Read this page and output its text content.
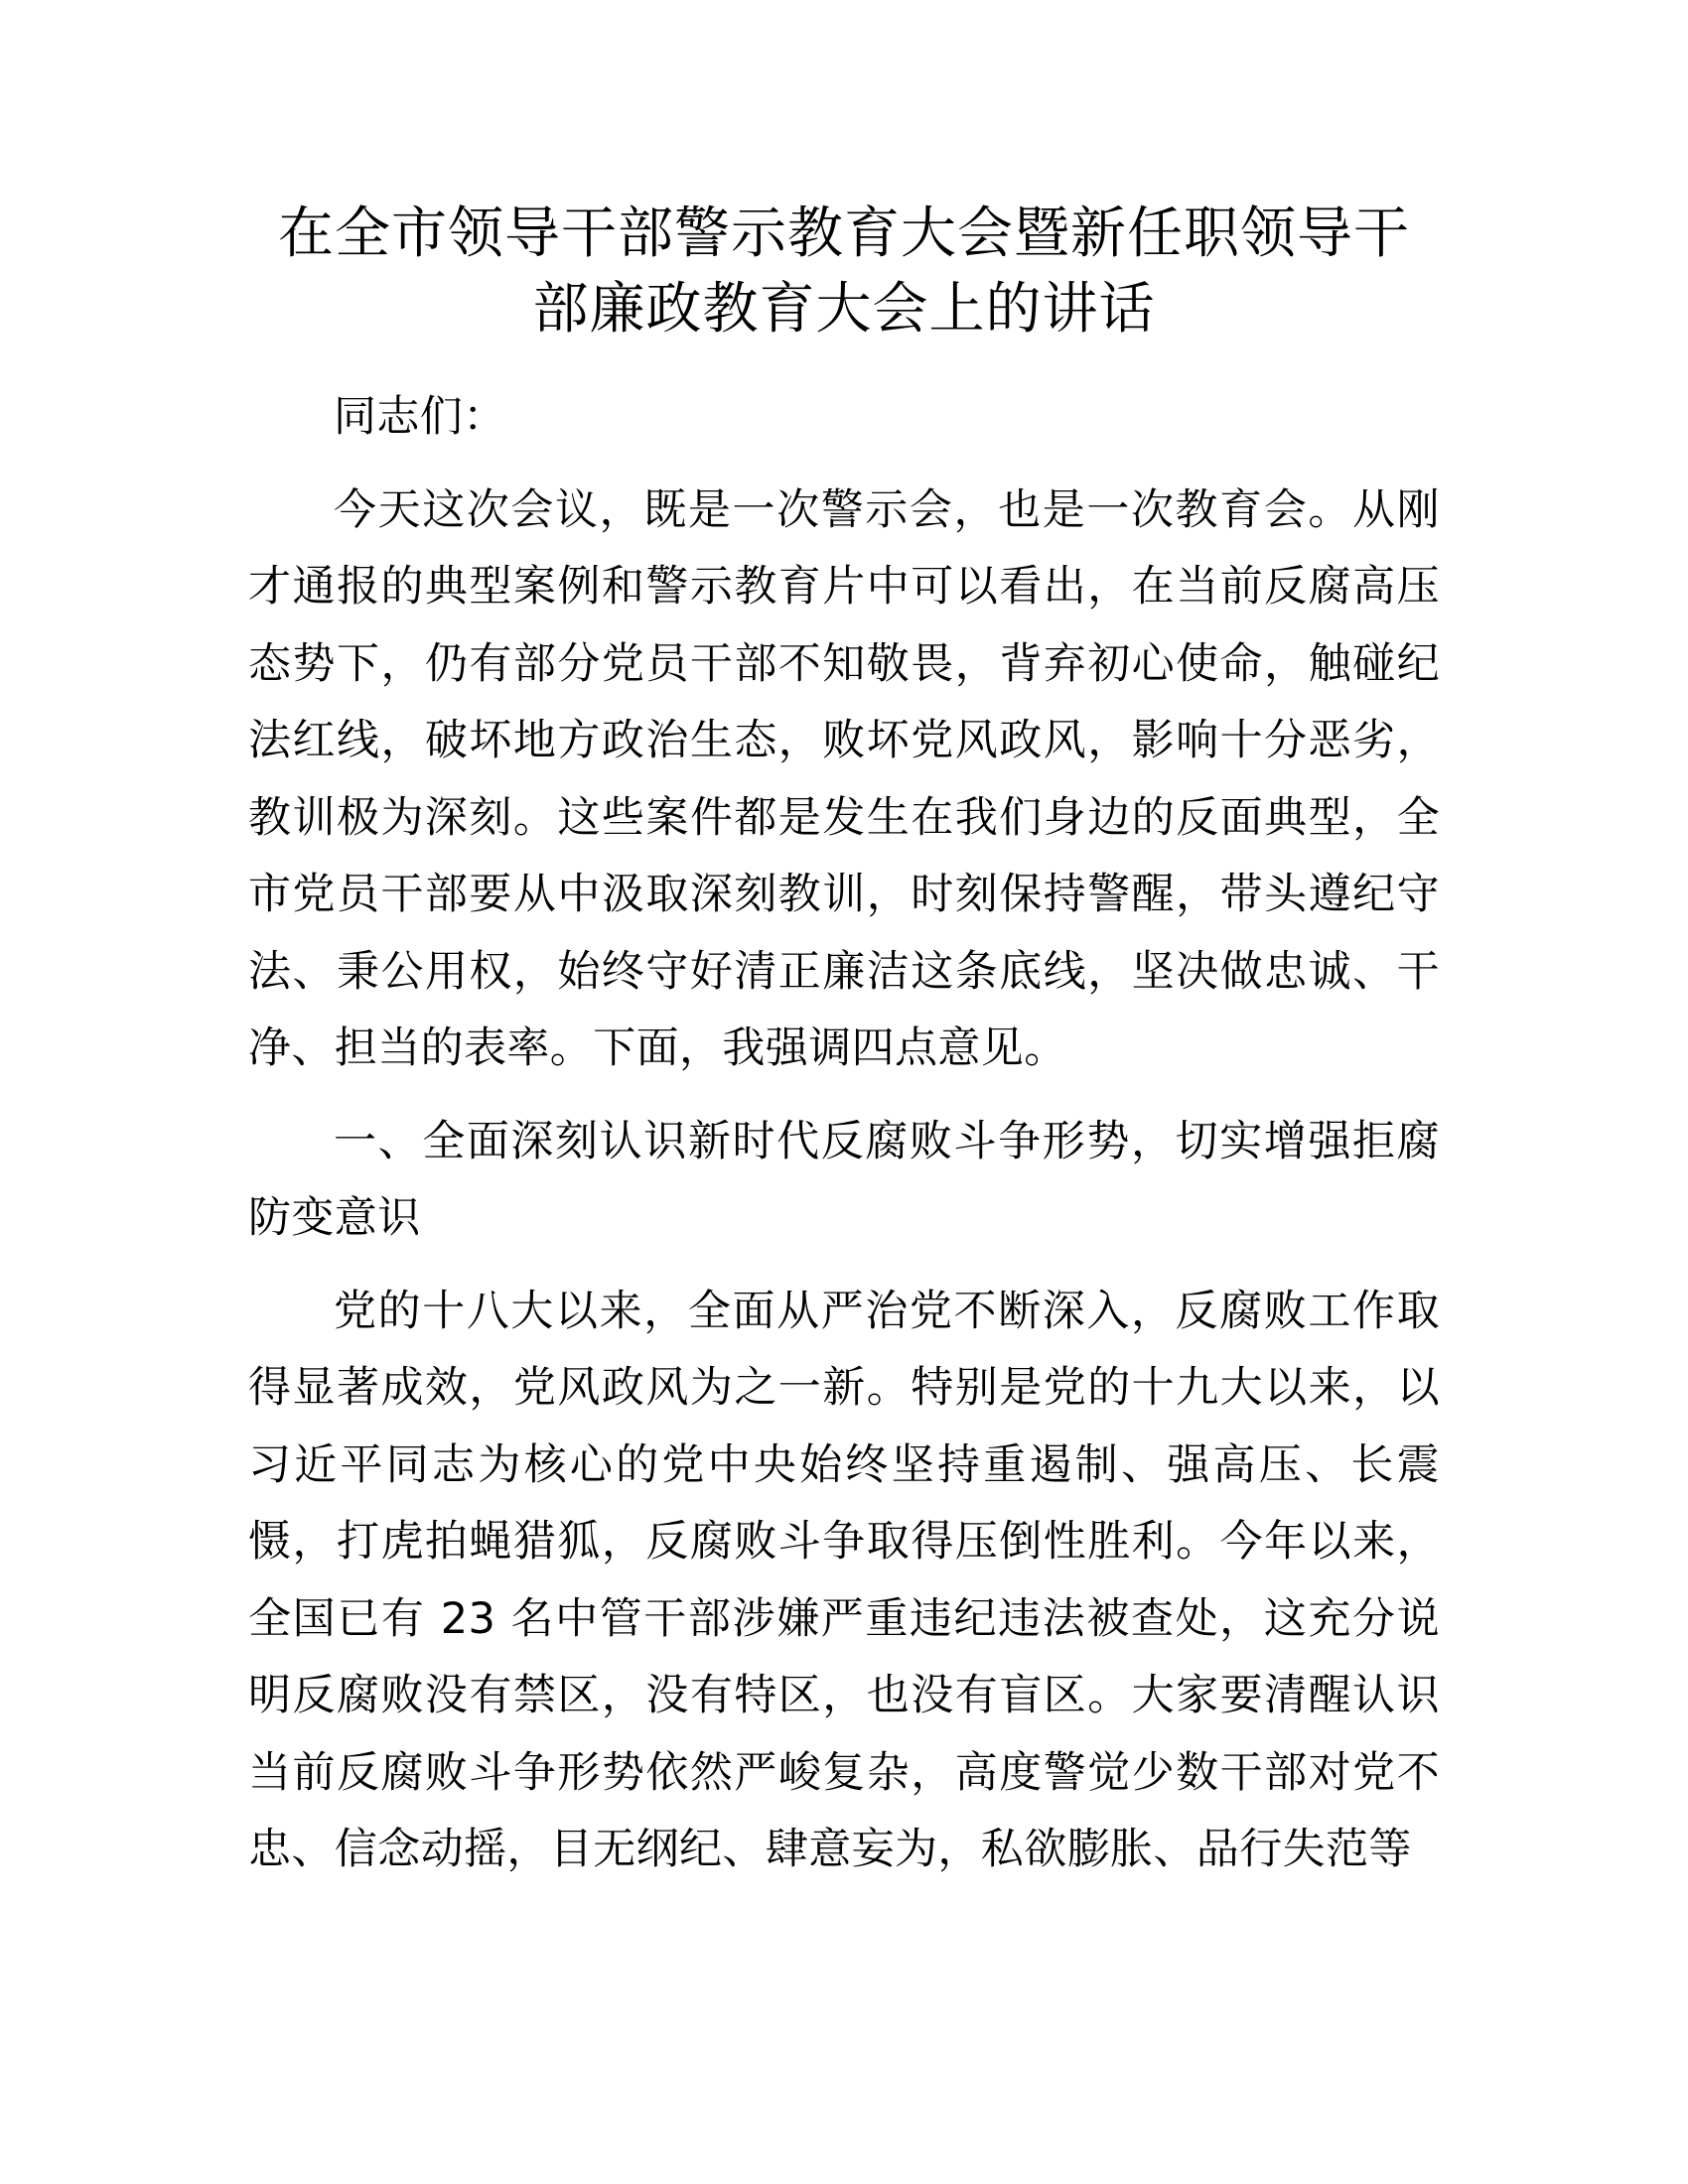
在全市领导干部警示教育大会暨新任职领导干
部廉政教育大会上的讲话

同志们：

今天这次会议，既是一次警示会，也是一次教育会。从刚才通报的典型案例和警示教育片中可以看出，在当前反腐高压态势下，仍有部分党员干部不知敬畏，背弃初心使命，触碰纪法红线，破坏地方政治生态，败坏党风政风，影响十分恶劣，教训极为深刻。这些案件都是发生在我们身边的反面典型，全市党员干部要从中汲取深刻教训，时刻保持警醒，带头遵纪守法、秉公用权，始终守好清正廉洁这条底线，坚决做忠诚、干净、担当的表率。下面，我强调四点意见。

一、全面深刻认识新时代反腐败斗争形势，切实增强拒腐防变意识

党的十八大以来，全面从严治党不断深入，反腐败工作取得显著成效，党风政风为之一新。特别是党的十九大以来，以习近平同志为核心的党中央始终坚持重遏制、强高压、长震慑，打虎拍蝇猎狐，反腐败斗争取得压倒性胜利。今年以来，全国已有 23 名中管干部涉嫌严重违纪违法被查处，这充分说明反腐败没有禁区，没有特区，也没有盲区。大家要清醒认识当前反腐败斗争形势依然严峻复杂，高度警觉少数干部对党不忠、信念动摇，目无纲纪、肆意妄为，私欲膨胀、品行失范等
